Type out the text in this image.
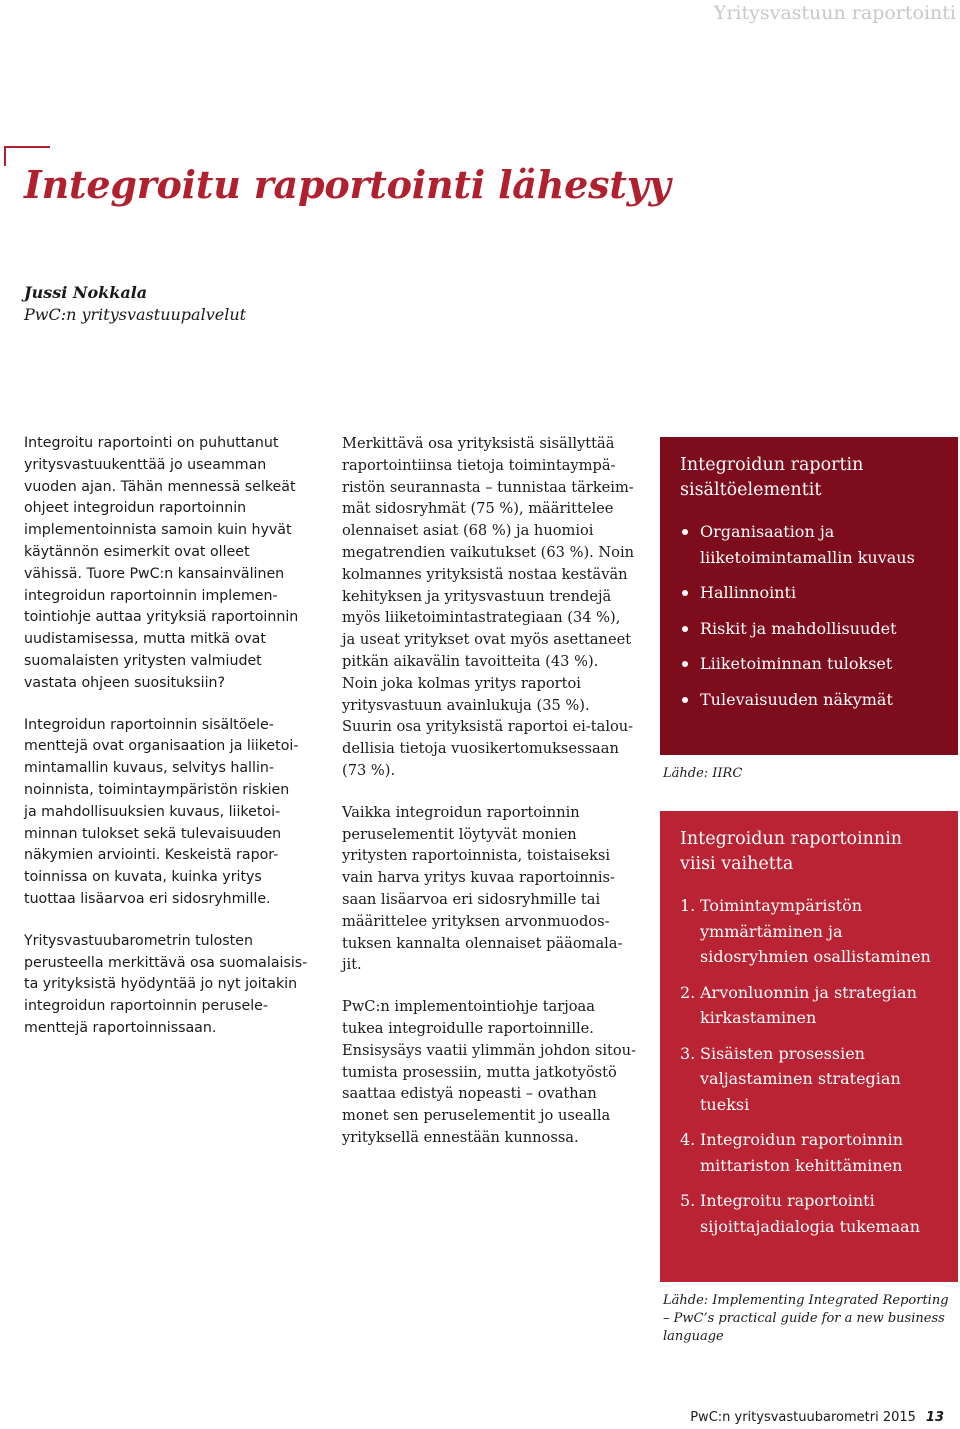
Yritysvastuun raportointi
Integroitu raportointi lähestyy
Jussi Nokkala
PwC:n yritysvastuupalvelut

Integroitu raportointi on puhuttanut
yritysvastuukenttää jo useamman
vuoden ajan. Tähän mennessä selkeät
ohjeet integroidun raportoinnin
implementoinnista samoin kuin hyvät
käytännön esimerkit ovat olleet
vähissä. Tuore PwC:n kansainvälinen
integroidun raportoinnin implemen-
tointiohje auttaa yrityksiä raportoinnin
uudistamisessa, mutta mitkä ovat
suomalaisten yritysten valmiudet
vastata ohjeen suosituksiin?

Integroidun raportoinnin sisältöele-
menttejä ovat organisaation ja liiketoi-
mintamallin kuvaus, selvitys hallin-
noinnista, toimintaympäristön riskien
ja mahdollisuuksien kuvaus, liiketoi-
minnan tulokset sekä tulevaisuuden
näkymien arviointi. Keskeistä rapor-
toinnissa on kuvata, kuinka yritys
tuottaa lisäarvoa eri sidosryhmille.

Yritysvastuubarometrin tulosten
perusteella merkittävä osa suomalaisis-
ta yrityksistä hyödyntää jo nyt joitakin
integroidun raportoinnin perusele-
menttejä raportoinnissaan.

Merkittävä osa yrityksistä sisällyttää
raportointiinsa tietoja toimintaympä-
ristön seurannasta – tunnistaa tärkeim-
mät sidosryhmät (75 %), määrittelee
olennaiset asiat (68 %) ja huomioi
megatrendien vaikutukset (63 %). Noin
kolmannes yrityksistä nostaa kestävän
kehityksen ja yritysvastuun trendejä
myös liiketoimintastrategiaan (34 %),
ja useat yritykset ovat myös asettaneet
pitkän aikavälin tavoitteita (43 %).
Noin joka kolmas yritys raportoi
yritysvastuun avainlukuja (35 %).
Suurin osa yrityksistä raportoi ei-talou-
dellisia tietoja vuosikertomuksessaan
(73 %).

Vaikka integroidun raportoinnin
peruselementit löytyvät monien
yritysten raportoinnista, toistaiseksi
vain harva yritys kuvaa raportoinnis-
saan lisäarvoa eri sidosryhmille tai
määrittelee yrityksen arvonmuodos-
tuksen kannalta olennaiset pääomala-
jit.

PwC:n implementointiohje tarjoaa
tukea integroidulle raportoinnille.
Ensisysäys vaatii ylimmän johdon sitou-
tumista prosessiin, mutta jatkotyöstö
saattaa edistyä nopeasti – ovathan
monet sen peruselementit jo usealla
yrityksellä ennestään kunnossa.

Integroidun raportin
sisältöelementit
Organisaation ja
liiketoimintamallin kuvaus
Hallinnointi
Riskit ja mahdollisuudet
Liiketoiminnan tulokset
Tulevaisuuden näkymät
Lähde: IIRC
Integroidun raportoinnin
viisi vaihetta
1. Toimintaympäristön
ymmärtäminen ja
sidosryhmien osallistaminen
2. Arvonluonnin ja strategian
kirkastaminen
3. Sisäisten prosessien
valjastaminen strategian
tueksi
4. Integroidun raportoinnin
mittariston kehittäminen
5. Integroitu raportointi
sijoittajadialogia tukemaan
Lähde: Implementing Integrated Reporting
– PwC’s practical guide for a new business
language
PwC:n yritysvastuubarometri 2015 13
